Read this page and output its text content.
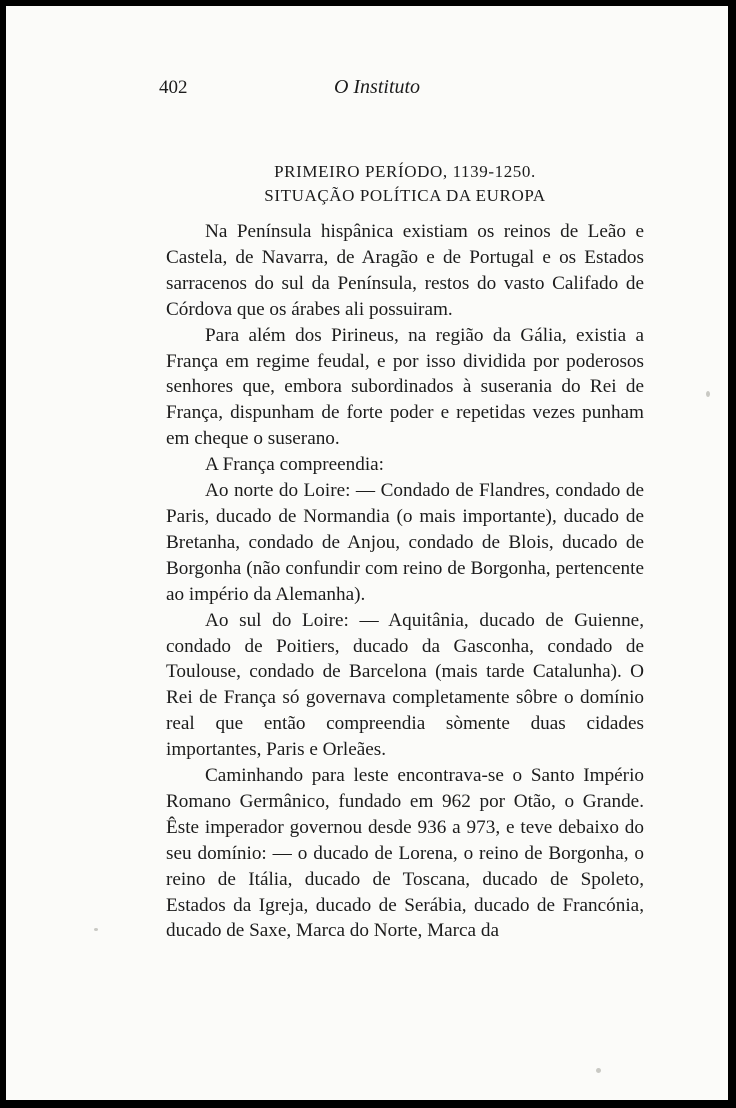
402	O Instituto
PRIMEIRO PERÍODO, 1139-1250.
SITUAÇÃO POLÍTICA DA EUROPA

Na Península hispânica existiam os reinos de Leão e Castela, de Navarra, de Aragão e de Portugal e os Estados sarracenos do sul da Península, restos do vasto Califado de Córdova que os árabes ali possuiram.

Para além dos Pirineus, na região da Gália, existia a França em regime feudal, e por isso dividida por poderosos senhores que, embora subordinados à suserania do Rei de França, dispunham de forte poder e repetidas vezes punham em cheque o suserano.

A França compreendia:

Ao norte do Loire: — Condado de Flandres, condado de Paris, ducado de Normandia (o mais importante), ducado de Bretanha, condado de Anjou, condado de Blois, ducado de Borgonha (não confundir com reino de Borgonha, pertencente ao império da Alemanha).

Ao sul do Loire: — Aquitânia, ducado de Guienne, condado de Poitiers, ducado da Gasconha, condado de Toulouse, condado de Barcelona (mais tarde Catalunha). O Rei de França só governava completamente sôbre o domínio real que então compreendia sòmente duas cidades importantes, Paris e Orleães.

Caminhando para leste encontrava-se o Santo Império Romano Germânico, fundado em 962 por Otão, o Grande. Êste imperador governou desde 936 a 973, e teve debaixo do seu domínio: — o ducado de Lorena, o reino de Borgonha, o reino de Itália, ducado de Toscana, ducado de Spoleto, Estados da Igreja, ducado de Serábia, ducado de Francónia, ducado de Saxe, Marca do Norte, Marca da
